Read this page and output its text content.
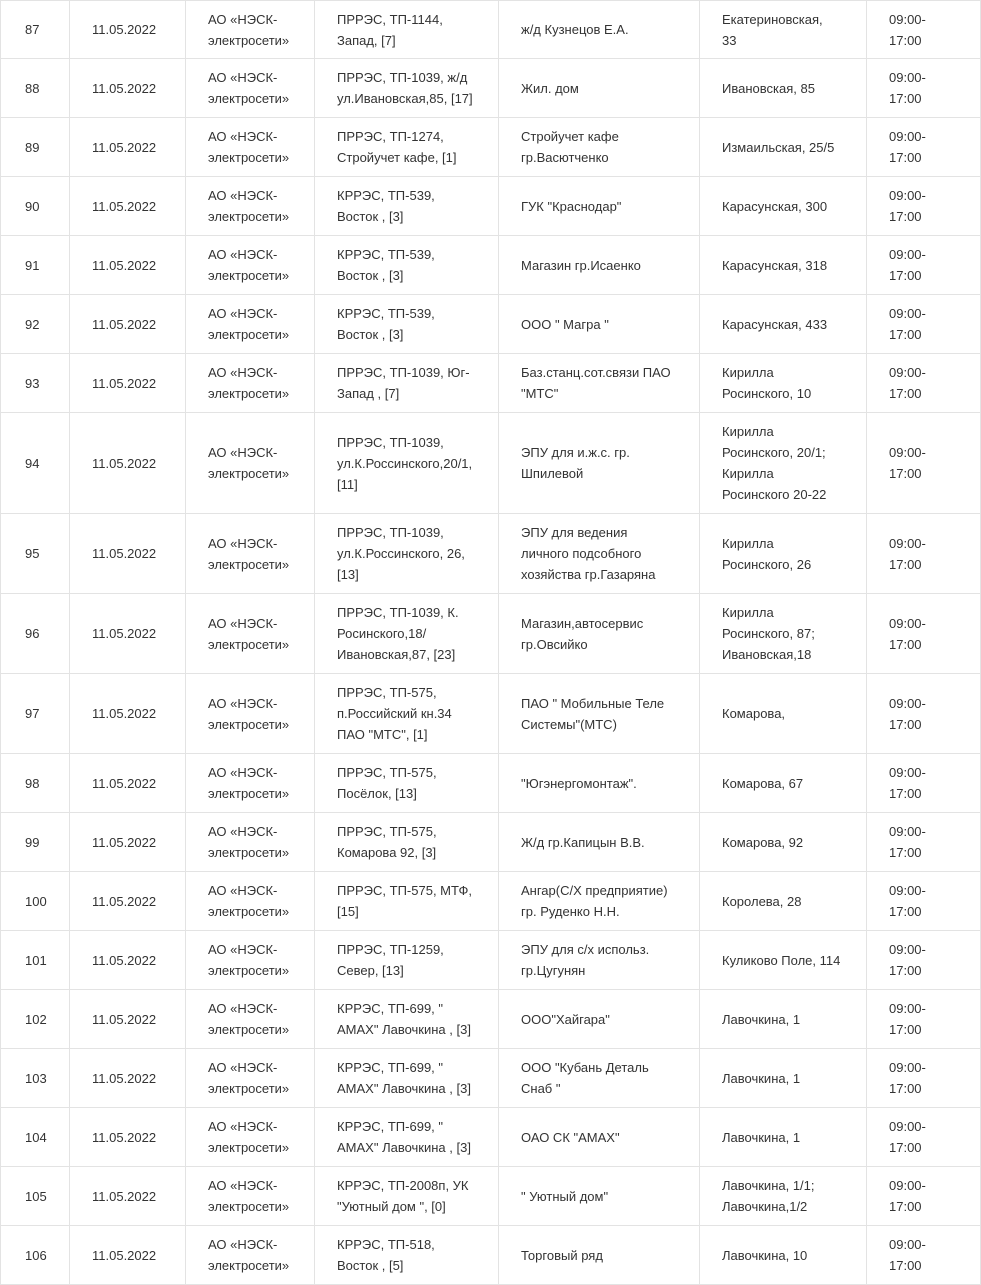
87	11.05.2022	АО «НЭСК-
электросети»	ПРРЭС, ТП-1144,
Запад, [7]	ж/д Кузнецов Е.А.	Екатериновская,
33	09:00-
17:00
88	11.05.2022	АО «НЭСК-
электросети»	ПРРЭС, ТП-1039, ж/д
ул.Ивановская,85, [17]	Жил. дом	Ивановская, 85	09:00-
17:00
89	11.05.2022	АО «НЭСК-
электросети»	ПРРЭС, ТП-1274,
Стройучет кафе, [1]	Стройучет кафе
гр.Васютченко	Измаильская, 25/5	09:00-
17:00
90	11.05.2022	АО «НЭСК-
электросети»	КРРЭС, ТП-539,
Восток , [3]	ГУК "Краснодар"	Карасунская, 300	09:00-
17:00
91	11.05.2022	АО «НЭСК-
электросети»	КРРЭС, ТП-539,
Восток , [3]	Магазин гр.Исаенко	Карасунская, 318	09:00-
17:00
92	11.05.2022	АО «НЭСК-
электросети»	КРРЭС, ТП-539,
Восток , [3]	ООО " Магра "	Карасунская, 433	09:00-
17:00
93	11.05.2022	АО «НЭСК-
электросети»	ПРРЭС, ТП-1039, Юг-
Запад , [7]	Баз.станц.сот.связи ПАО
"МТС"	Кирилла
Росинского, 10	09:00-
17:00
94	11.05.2022	АО «НЭСК-
электросети»	ПРРЭС, ТП-1039,
ул.К.Россинского,20/1,
[11]	ЭПУ для и.ж.с. гр.
Шпилевой	Кирилла
Росинского, 20/1;
Кирилла
Росинского 20-22	09:00-
17:00
95	11.05.2022	АО «НЭСК-
электросети»	ПРРЭС, ТП-1039,
ул.К.Россинского, 26,
[13]	ЭПУ для ведения
личного подсобного
хозяйства гр.Газаряна	Кирилла
Росинского, 26	09:00-
17:00
96	11.05.2022	АО «НЭСК-
электросети»	ПРРЭС, ТП-1039, К.
Росинского,18/
Ивановская,87, [23]	Магазин,автосервис
гр.Овсийко	Кирилла
Росинского, 87;
Ивановская,18	09:00-
17:00
97	11.05.2022	АО «НЭСК-
электросети»	ПРРЭС, ТП-575,
п.Российский кн.34
ПАО "МТС", [1]	ПАО " Мобильные Теле
Системы"(МТС)	Комарова,	09:00-
17:00
98	11.05.2022	АО «НЭСК-
электросети»	ПРРЭС, ТП-575,
Посёлок, [13]	"Югэнергомонтаж".	Комарова, 67	09:00-
17:00
99	11.05.2022	АО «НЭСК-
электросети»	ПРРЭС, ТП-575,
Комарова 92, [3]	Ж/д гр.Капицын В.В.	Комарова, 92	09:00-
17:00
100	11.05.2022	АО «НЭСК-
электросети»	ПРРЭС, ТП-575, МТФ,
[15]	Ангар(С/Х предприятие)
гр. Руденко Н.Н.	Королева, 28	09:00-
17:00
101	11.05.2022	АО «НЭСК-
электросети»	ПРРЭС, ТП-1259,
Север, [13]	ЭПУ для с/х использ.
гр.Цугунян	Куликово Поле, 114	09:00-
17:00
102	11.05.2022	АО «НЭСК-
электросети»	КРРЭС, ТП-699, "
АМАХ" Лавочкина , [3]	ООО"Хайгара"	Лавочкина, 1	09:00-
17:00
103	11.05.2022	АО «НЭСК-
электросети»	КРРЭС, ТП-699, "
АМАХ" Лавочкина , [3]	ООО "Кубань Деталь
Снаб "	Лавочкина, 1	09:00-
17:00
104	11.05.2022	АО «НЭСК-
электросети»	КРРЭС, ТП-699, "
АМАХ" Лавочкина , [3]	ОАО СК "АМАХ"	Лавочкина, 1	09:00-
17:00
105	11.05.2022	АО «НЭСК-
электросети»	КРРЭС, ТП-2008п, УК
"Уютный дом ", [0]	" Уютный дом"	Лавочкина, 1/1;
Лавочкина,1/2	09:00-
17:00
106	11.05.2022	АО «НЭСК-
электросети»	КРРЭС, ТП-518,
Восток , [5]	Торговый ряд	Лавочкина, 10	09:00-
17:00
